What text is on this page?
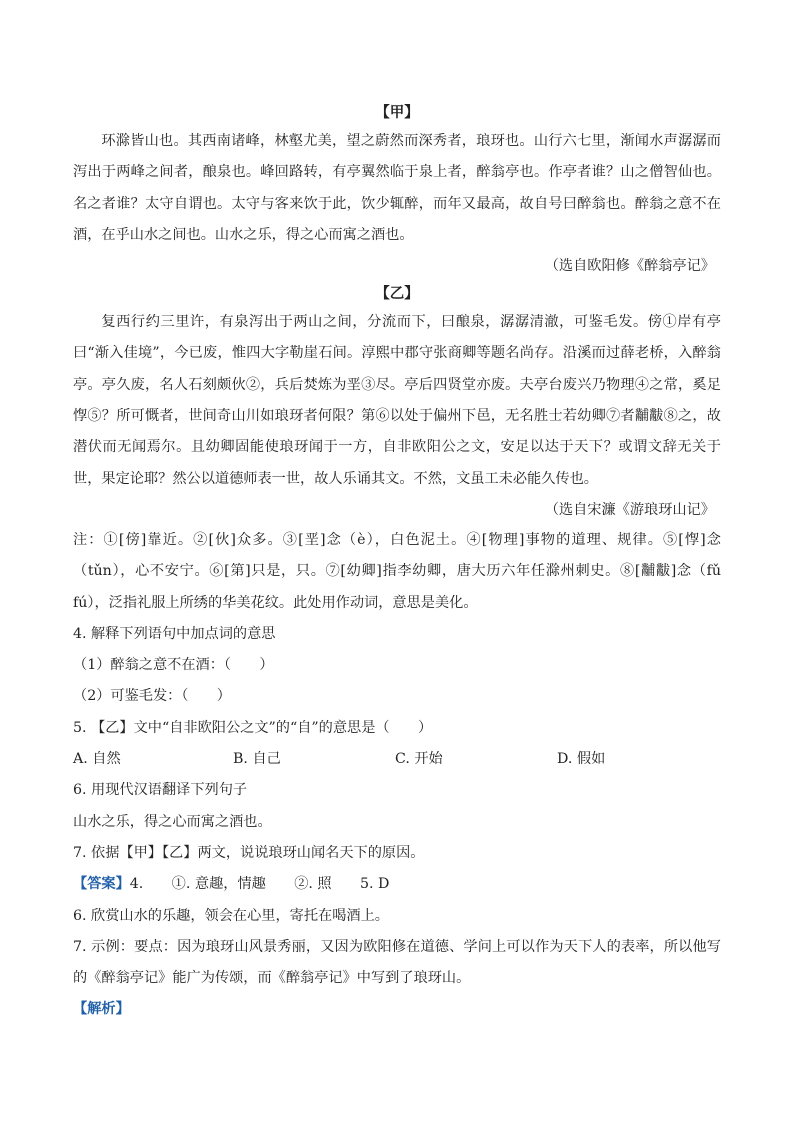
【甲】

环滁皆山也。其西南诸峰，林壑尤美，望之蔚然而深秀者，琅玡也。山行六七里，渐闻水声潺潺而泻出于两峰之间者，酿泉也。峰回路转，有亭翼然临于泉上者，醉翁亭也。作亭者谁？山之僧智仙也。名之者谁？太守自谓也。太守与客来饮于此，饮少辄醉，而年又最高，故自号曰醉翁也。醉翁之意不在酒，在乎山水之间也。山水之乐，得之心而寓之酒也。

（选自欧阳修《醉翁亭记》
【乙】

复西行约三里许，有泉泻出于两山之间，分流而下，曰酿泉，潺潺清澈，可鉴毛发。傍①岸有亭曰“渐入佳境”，今已废，惟四大字勒崖石间。淳熙中郡守张商卿等题名尚存。沿溪而过薛老桥，入醉翁亭。亭久废，名人石刻颇伙②，兵后焚炼为垩③尽。亭后四贤堂亦废。夫亭台废兴乃物理④之常，奚足惸⑤？所可慨者，世间奇山川如琅玡者何限？第⑥以处于偏州下邑，无名胜士若幼卿⑦者黼黻⑧之，故潜伏而无闻焉尔。且幼卿固能使琅玡闻于一方，自非欧阳公之文，安足以达于天下？或谓文辞无关于世，果定论耶？然公以道德师表一世，故人乐诵其文。不然，文虽工未必能久传也。

（选自宋濂《游琅玡山记》

注：①[傍]靠近。②[伙]众多。③[垩]念（è），白色泥土。④[物理]事物的道理、规律。⑤[惸]念（tǔn），心不安宁。⑥[第]只是，只。⑦[幼卿]指李幼卿，唐大历六年任滁州刺史。⑧[黼黻]念（fǔ fú），泛指礼服上所绣的华美花纹。此处用作动词，意思是美化。

4. 解释下列语句中加点词的意思
（1）醉翁之意不在酒：（　　）
（2）可鉴毛发：（　　）
5. 【乙】文中“自非欧阳公之文”的“自”的意思是（　　）
A. 自然	B. 自己	C. 开始	D. 假如
6. 用现代汉语翻译下列句子
山水之乐，得之心而寓之酒也。
7. 依据【甲】【乙】两文，说说琅玡山闻名天下的原因。
【答案】4.　　①. 意趣，情趣　　②. 照　　5. D
6. 欣赏山水的乐趣，领会在心里，寄托在喝酒上。

7. 示例：要点：因为琅玡山风景秀丽，又因为欧阳修在道德、学问上可以作为天下人的表率，所以他写的《醉翁亭记》能广为传颂，而《醉翁亭记》中写到了琅玡山。

【解析】
